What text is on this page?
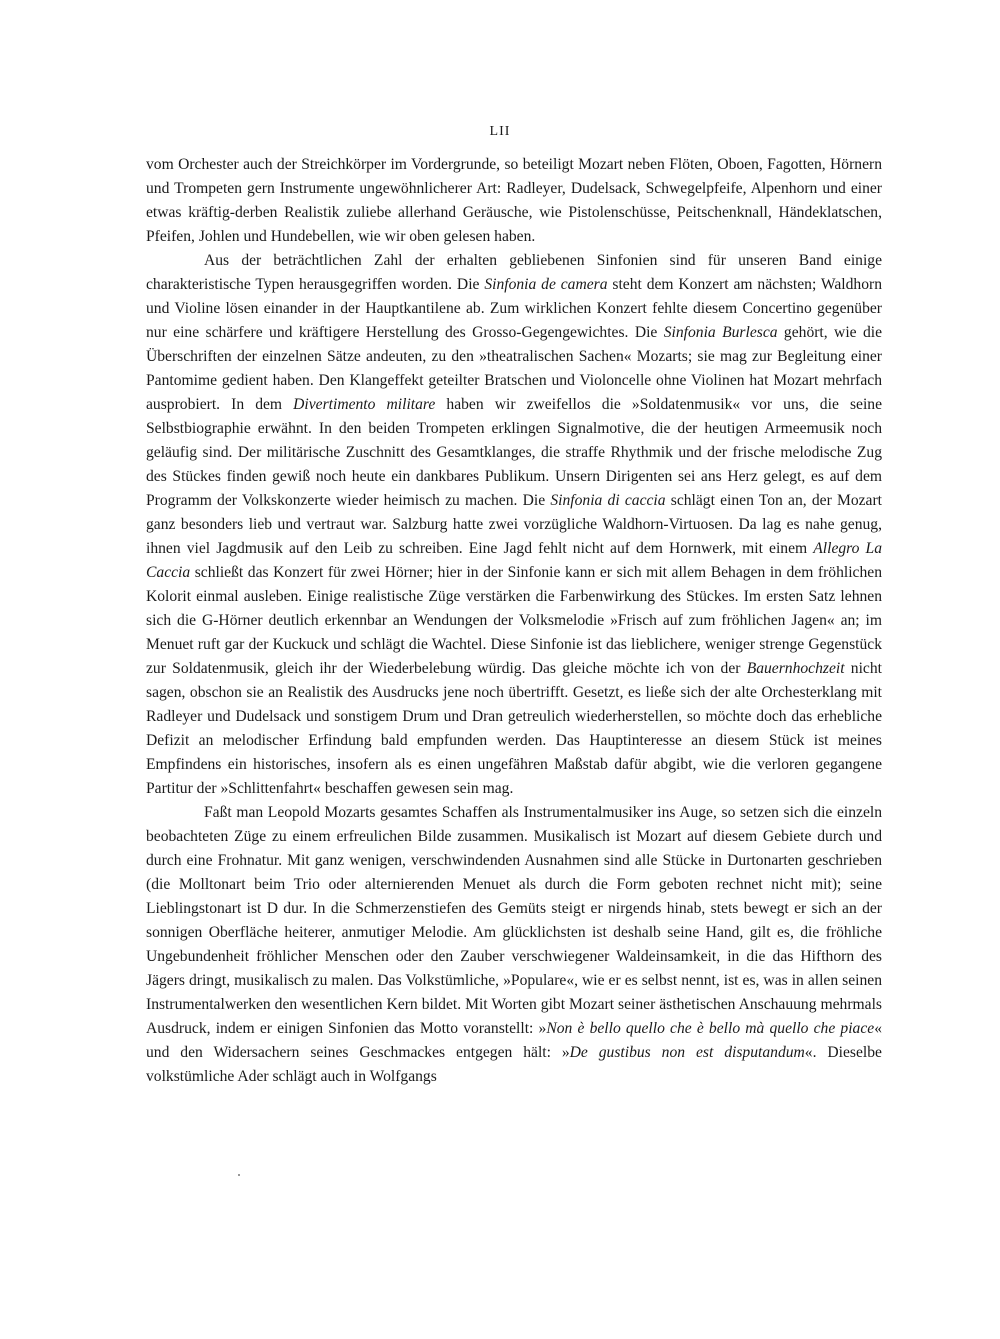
LII

vom Orchester auch der Streichkörper im Vordergrunde, so beteiligt Mozart neben Flöten, Oboen, Fagotten, Hörnern und Trompeten gern Instrumente ungewöhnlicherer Art: Radleyer, Dudelsack, Schwegelpfeife, Alpenhorn und einer etwas kräftig-derben Realistik zuliebe allerhand Geräusche, wie Pistolenschüsse, Peitschenknall, Händeklatschen, Pfeifen, Johlen und Hundebellen, wie wir oben gelesen haben.

Aus der beträchtlichen Zahl der erhalten gebliebenen Sinfonien sind für unseren Band einige charakteristische Typen herausgegriffen worden. Die Sinfonia de camera steht dem Konzert am nächsten; Waldhorn und Violine lösen einander in der Hauptkantilene ab. Zum wirklichen Konzert fehlte diesem Concertino gegenüber nur eine schärfere und kräftigere Herstellung des Grosso-Gegengewichtes. Die Sinfonia Burlesca gehört, wie die Überschriften der einzelnen Sätze andeuten, zu den »theatralischen Sachen« Mozarts; sie mag zur Begleitung einer Pantomime gedient haben. Den Klangeffekt geteilter Bratschen und Violoncelle ohne Violinen hat Mozart mehrfach ausprobiert. In dem Divertimento militare haben wir zweifellos die »Soldatenmusik« vor uns, die seine Selbstbiographie erwähnt. In den beiden Trompeten erklingen Signalmotive, die der heutigen Armeemusik noch geläufig sind. Der militärische Zuschnitt des Gesamtklanges, die straffe Rhythmik und der frische melodische Zug des Stückes finden gewiß noch heute ein dankbares Publikum. Unsern Dirigenten sei ans Herz gelegt, es auf dem Programm der Volkskonzerte wieder heimisch zu machen. Die Sinfonia di caccia schlägt einen Ton an, der Mozart ganz besonders lieb und vertraut war. Salzburg hatte zwei vorzügliche Waldhorn-Virtuosen. Da lag es nahe genug, ihnen viel Jagdmusik auf den Leib zu schreiben. Eine Jagd fehlt nicht auf dem Hornwerk, mit einem Allegro La Caccia schließt das Konzert für zwei Hörner; hier in der Sinfonie kann er sich mit allem Behagen in dem fröhlichen Kolorit einmal ausleben. Einige realistische Züge verstärken die Farbenwirkung des Stückes. Im ersten Satz lehnen sich die G-Hörner deutlich erkennbar an Wendungen der Volksmelodie »Frisch auf zum fröhlichen Jagen« an; im Menuet ruft gar der Kuckuck und schlägt die Wachtel. Diese Sinfonie ist das lieblichere, weniger strenge Gegenstück zur Soldatenmusik, gleich ihr der Wiederbelebung würdig. Das gleiche möchte ich von der Bauernhochzeit nicht sagen, obschon sie an Realistik des Ausdrucks jene noch übertrifft. Gesetzt, es ließe sich der alte Orchesterklang mit Radleyer und Dudelsack und sonstigem Drum und Dran getreulich wiederherstellen, so möchte doch das erhebliche Defizit an melodischer Erfindung bald empfunden werden. Das Hauptinteresse an diesem Stück ist meines Empfindens ein historisches, insofern als es einen ungefähren Maßstab dafür abgibt, wie die verloren gegangene Partitur der »Schlittenfahrt« beschaffen gewesen sein mag.

Faßt man Leopold Mozarts gesamtes Schaffen als Instrumentalmusiker ins Auge, so setzen sich die einzeln beobachteten Züge zu einem erfreulichen Bilde zusammen. Musikalisch ist Mozart auf diesem Gebiete durch und durch eine Frohnatur. Mit ganz wenigen, verschwindenden Ausnahmen sind alle Stücke in Durtonarten geschrieben (die Molltonart beim Trio oder alternierenden Menuet als durch die Form geboten rechnet nicht mit); seine Lieblingstonart ist D dur. In die Schmerzenstiefen des Gemüts steigt er nirgends hinab, stets bewegt er sich an der sonnigen Oberfläche heiterer, anmutiger Melodie. Am glücklichsten ist deshalb seine Hand, gilt es, die fröhliche Ungebundenheit fröhlicher Menschen oder den Zauber verschwiegener Waldeinsamkeit, in die das Hifthorn des Jägers dringt, musikalisch zu malen. Das Volkstümliche, »Populare«, wie er es selbst nennt, ist es, was in allen seinen Instrumentalwerken den wesentlichen Kern bildet. Mit Worten gibt Mozart seiner ästhetischen Anschauung mehrmals Ausdruck, indem er einigen Sinfonien das Motto voranstellt: »Non è bello quello che è bello mà quello che piace« und den Widersachern seines Geschmackes entgegen hält: »De gustibus non est disputandum«. Dieselbe volkstümliche Ader schlägt auch in Wolfgangs
